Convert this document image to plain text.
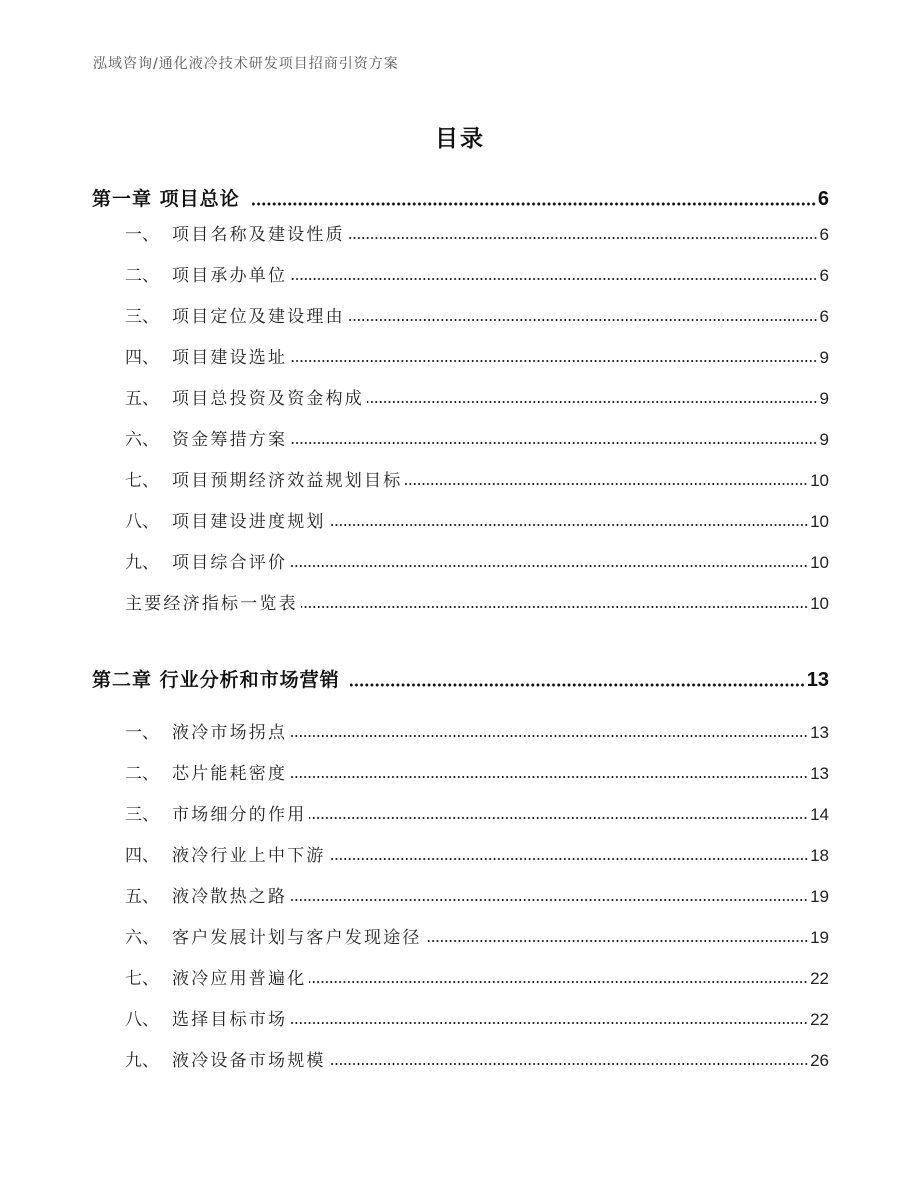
泓域咨询/通化液冷技术研发项目招商引资方案
目录
第一章 项目总论	6
一、 项目名称及建设性质	6
二、 项目承办单位	6
三、 项目定位及建设理由	6
四、 项目建设选址	9
五、 项目总投资及资金构成	9
六、 资金筹措方案	9
七、 项目预期经济效益规划目标	10
八、 项目建设进度规划	10
九、 项目综合评价	10
主要经济指标一览表	10
第二章 行业分析和市场营销	13
一、 液冷市场拐点	13
二、 芯片能耗密度	13
三、 市场细分的作用	14
四、 液冷行业上中下游	18
五、 液冷散热之路	19
六、 客户发展计划与客户发现途径	19
七、 液冷应用普遍化	22
八、 选择目标市场	22
九、 液冷设备市场规模	26
